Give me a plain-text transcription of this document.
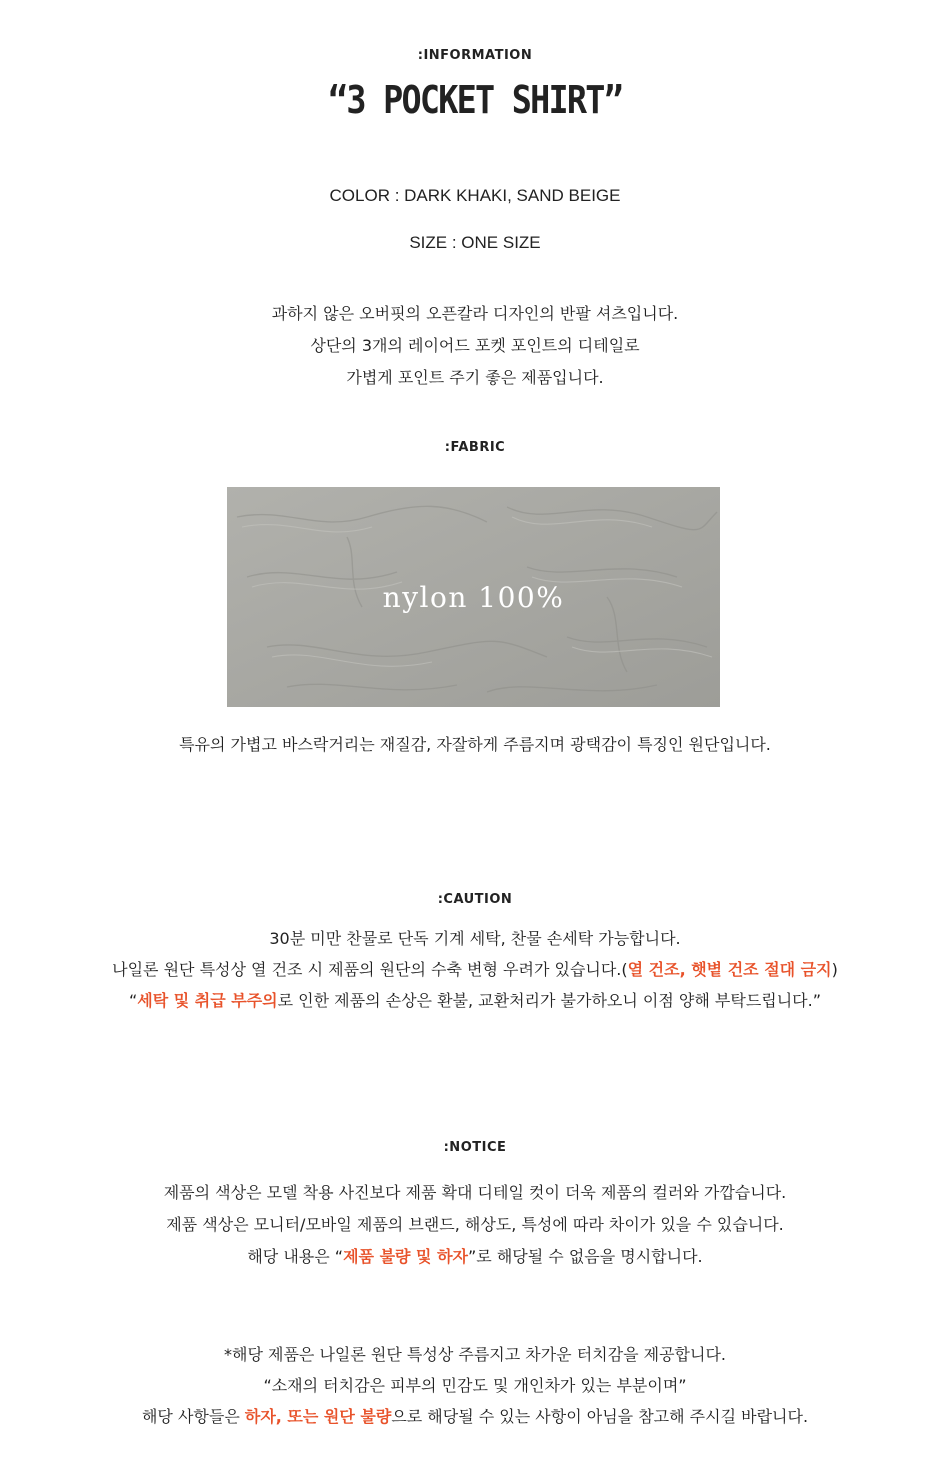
:INFORMATION
“3 POCKET SHIRT”
COLOR : DARK KHAKI, SAND BEIGE
SIZE : ONE SIZE
과하지 않은 오버핏의 오픈칼라 디자인의 반팔 셔츠입니다.
상단의 3개의 레이어드 포켓 포인트의 디테일로
가볍게 포인트 주기 좋은 제품입니다.
:FABRIC
nylon 100%
특유의 가볍고 바스락거리는 재질감, 자잘하게 주름지며 광택감이 특징인 원단입니다.
:CAUTION
30분 미만 찬물로 단독 기계 세탁, 찬물 손세탁 가능합니다.
나일론 원단 특성상 열 건조 시 제품의 원단의 수축 변형 우려가 있습니다.(열 건조, 햇볕 건조 절대 금지)
“세탁 및 취급 부주의로 인한 제품의 손상은 환불, 교환처리가 불가하오니 이점 양해 부탁드립니다.”
:NOTICE
제품의 색상은 모델 착용 사진보다 제품 확대 디테일 컷이 더욱 제품의 컬러와 가깝습니다.
제품 색상은 모니터/모바일 제품의 브랜드, 해상도, 특성에 따라 차이가 있을 수 있습니다.
해당 내용은 “제품 불량 및 하자”로 해당될 수 없음을 명시합니다.
*해당 제품은 나일론 원단 특성상 주름지고 차가운 터치감을 제공합니다.
“소재의 터치감은 피부의 민감도 및 개인차가 있는 부분이며”
해당 사항들은 하자, 또는 원단 불량으로 해당될 수 있는 사항이 아님을 참고해 주시길 바랍니다.
